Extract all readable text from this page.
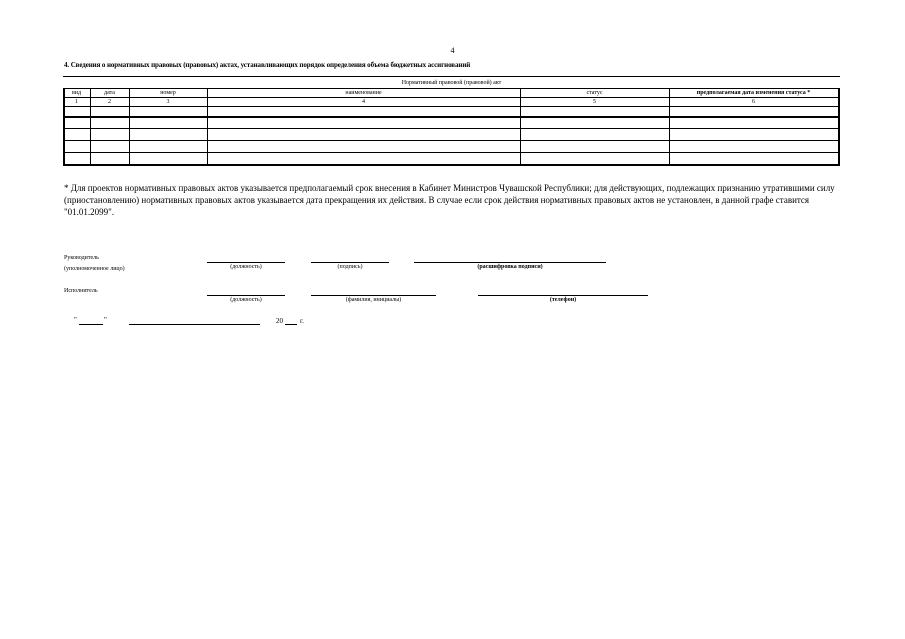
4
4. Сведения о нормативных правовых (правовых) актах, устанавливающих порядок определения объема бюджетных ассигнований
Нормативный правовой (правовой) акт
вид	дата	номер	наименование	статус	предполагаемая дата изменения статуса *
1	2	3	4	5	6
* Для проектов нормативных правовых актов указывается предполагаемый срок внесения в Кабинет Министров Чувашской Республики; для действующих, подлежащих признанию утратившими силу (приостановлению) нормативных правовых актов указывается дата прекращения их действия. В случае если срок действия нормативных правовых актов не установлен, в данной графе ставится "01.01.2099".
Руководитель
(уполномоченное лицо)	(должность)	(подпись)	(расшифровка подписи)
Исполнитель
(должность)	(фамилия, инициалы)	(телефон)
"	"	20 г.
